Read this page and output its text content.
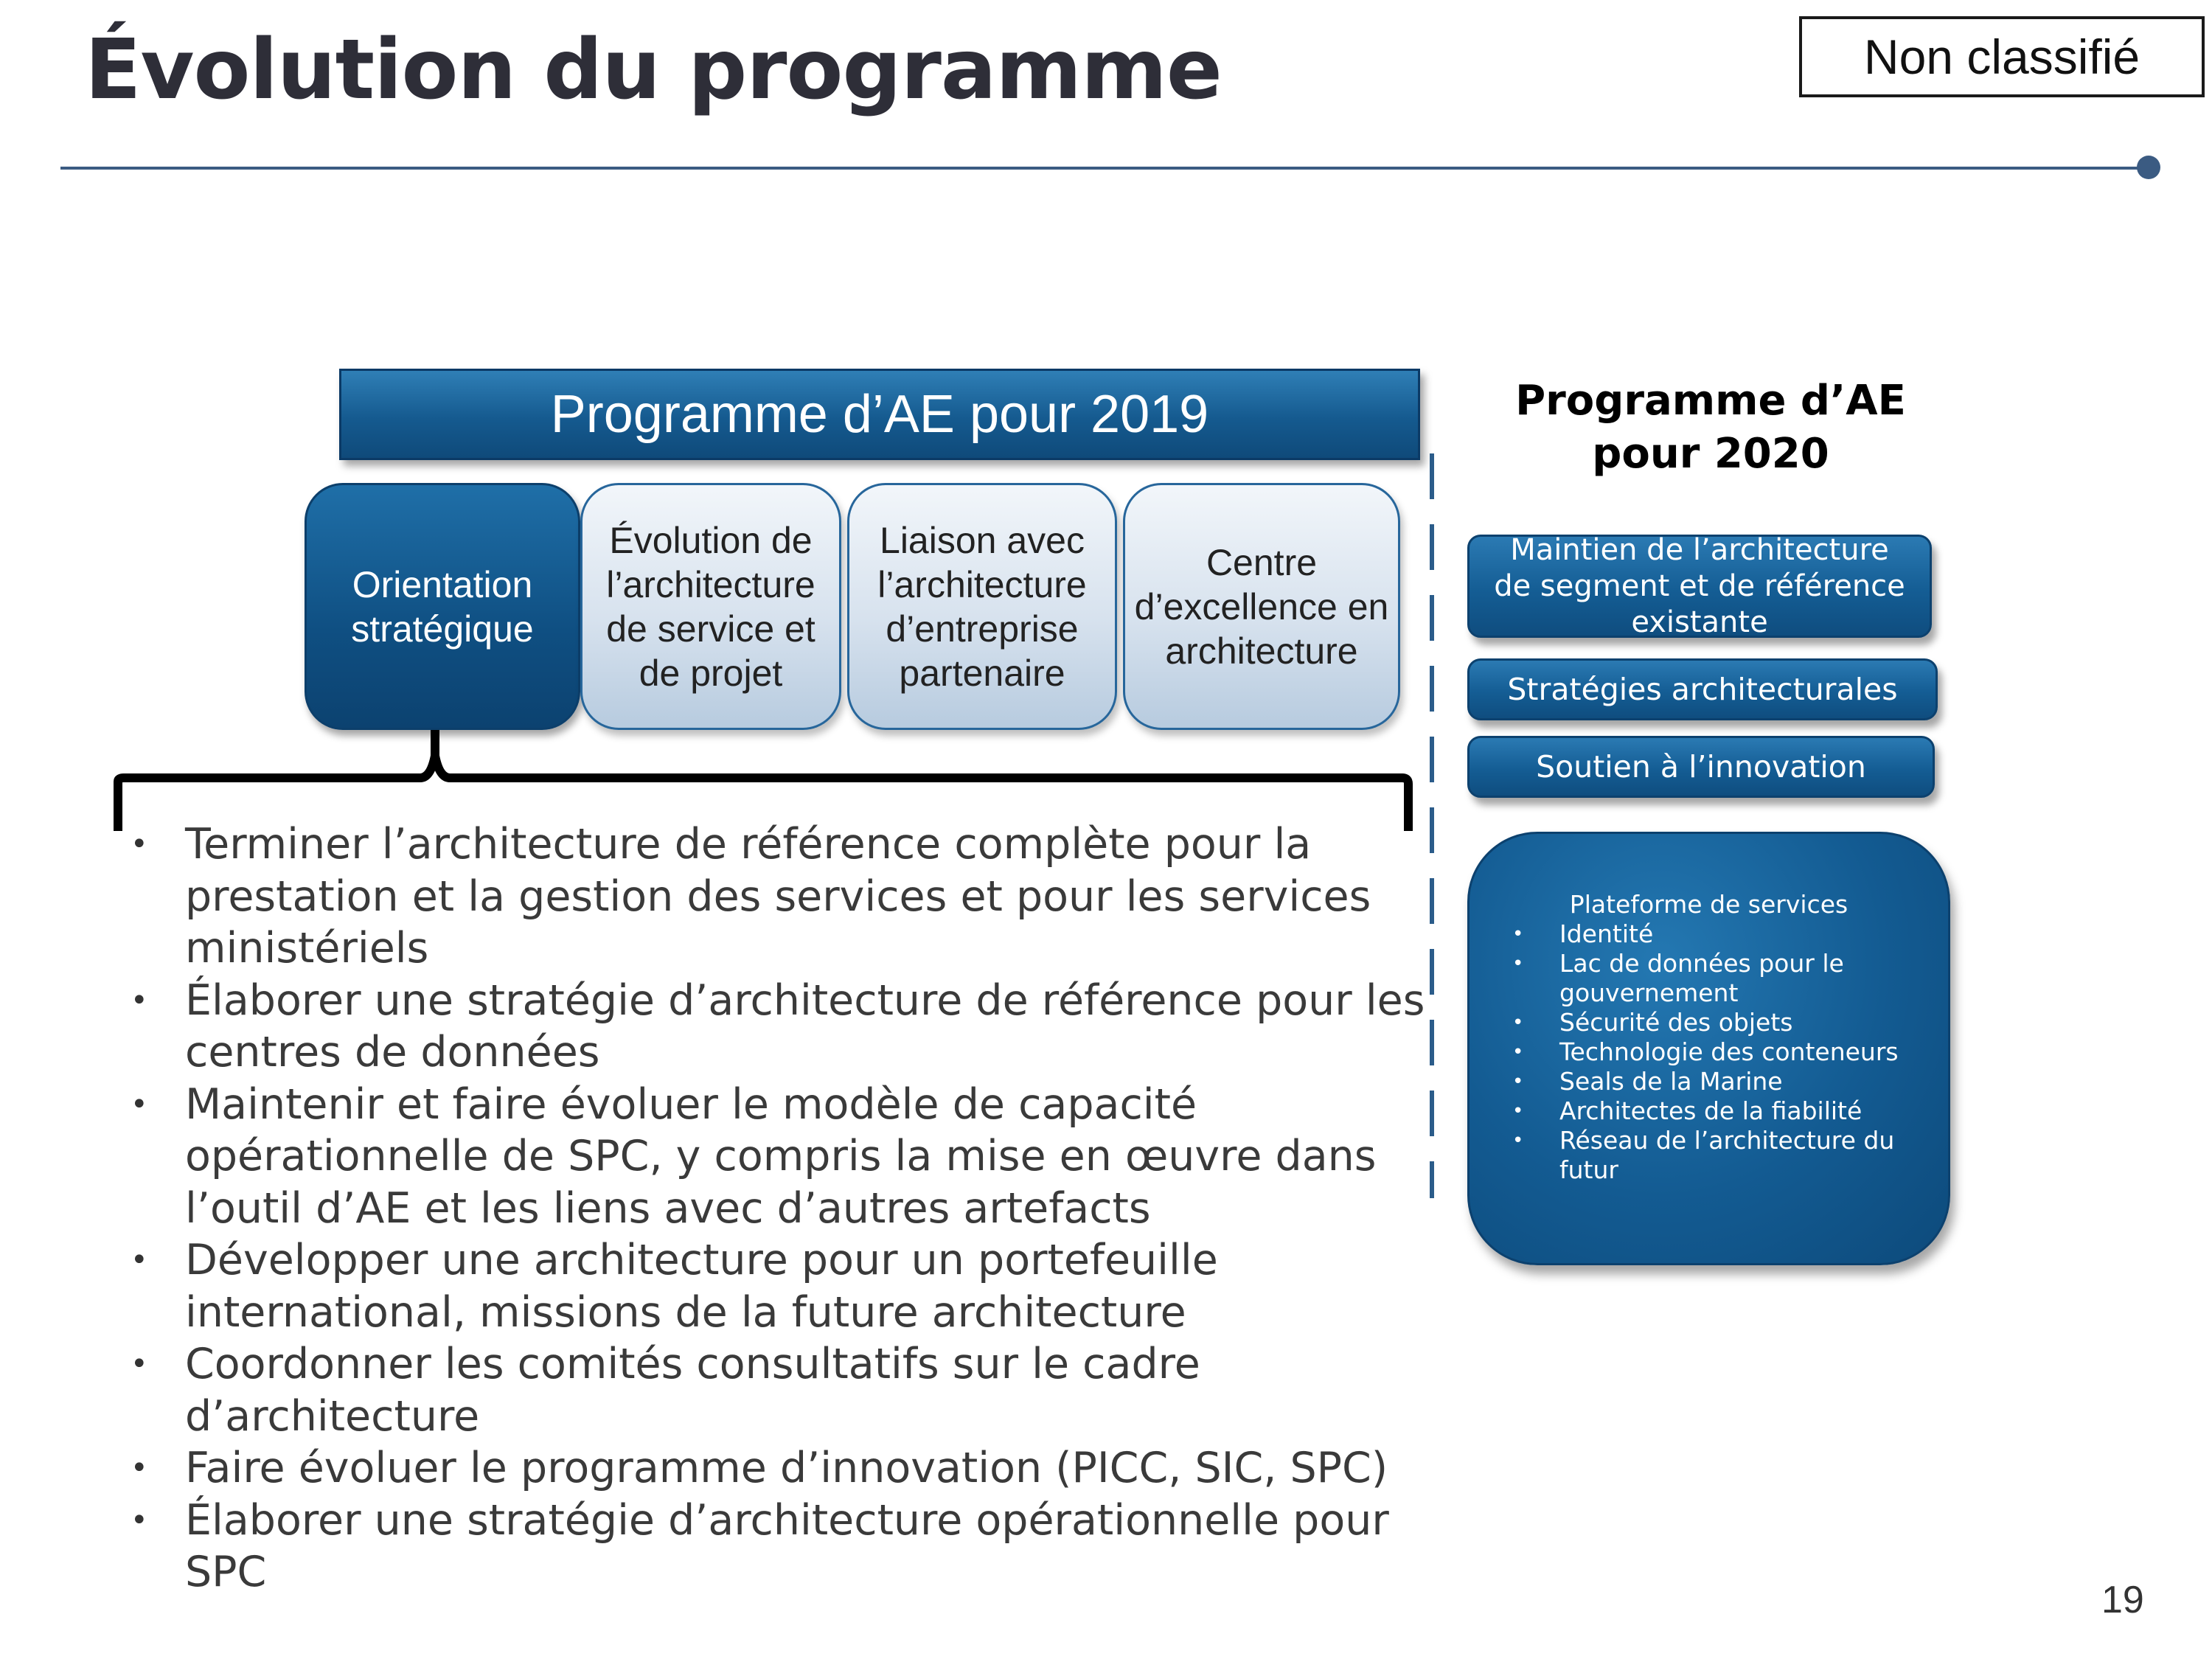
Évolution du programme	Non classifié
Programme d’AE pour 2019
Orientation stratégique
Évolution de l’architecture de service et de projet
Liaison avec l’architecture d’entreprise partenaire
Centre d’excellence en architecture
• Terminer l’architecture de référence complète pour la prestation et la gestion des services et pour les services ministériels
• Élaborer une stratégie d’architecture de référence pour les centres de données
• Maintenir et faire évoluer le modèle de capacité opérationnelle de SPC, y compris la mise en œuvre dans l’outil d’AE et les liens avec d’autres artefacts
• Développer une architecture pour un portefeuille international, missions de la future architecture
• Coordonner les comités consultatifs sur le cadre d’architecture
• Faire évoluer le programme d’innovation (PICC, SIC, SPC)
• Élaborer une stratégie d’architecture opérationnelle pour SPC
Programme d’AE pour 2020
Maintien de l’architecture de segment et de référence existante
Stratégies architecturales
Soutien à l’innovation
Plateforme de services
• Identité
• Lac de données pour le gouvernement
• Sécurité des objets
• Technologie des conteneurs
• Seals de la Marine
• Architectes de la fiabilité
• Réseau de l’architecture du futur
19
